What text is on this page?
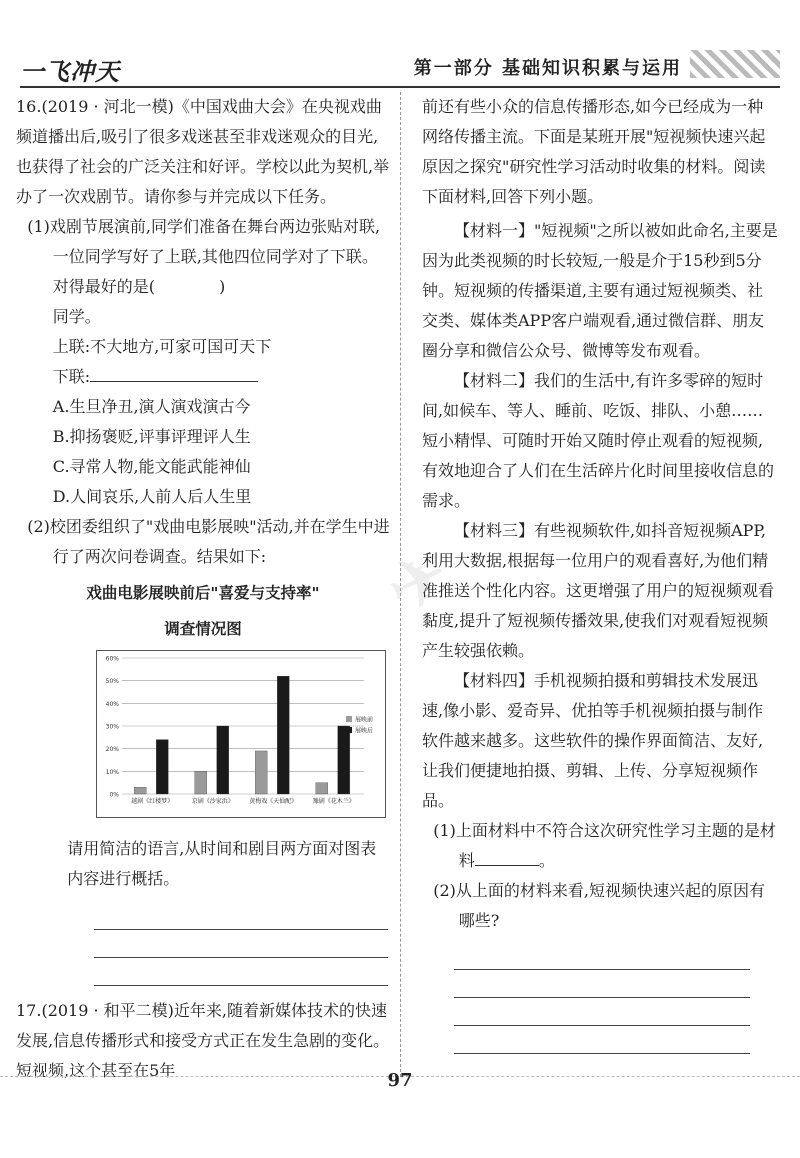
一飞冲天	第一部分 基础知识积累与运用
✈

16.(2019 · 河北一模)《中国戏曲大会》在央视戏曲频道播出后,吸引了很多戏迷甚至非戏迷观众的目光,也获得了社会的广泛关注和好评。学校以此为契机,举办了一次戏剧节。请你参与并完成以下任务。

(1)戏剧节展演前,同学们准备在舞台两边张贴对联,一位同学写好了上联,其他四位同学对了下联。对得最好的是(	)

同学。

上联:不大地方,可家可国可天下

下联:

A.生旦净丑,演人演戏演古今

B.抑扬褒贬,评事评理评人生

C.寻常人物,能文能武能神仙

D.人间哀乐,人前人后人生里

(2)校团委组织了"戏曲电影展映"活动,并在学生中进行了两次问卷调查。结果如下:

戏曲电影展映前后"喜爱与支持率"
调查情况图
0%
10%
20%
30%
40%
50%
60%
越剧《红楼梦》	京剧《沙家浜》	黄梅戏《天仙配》	豫剧《花木兰》
展映前
展映后

请用简洁的语言,从时间和剧目两方面对图表内容进行概括。

17.(2019 · 和平二模)近年来,随着新媒体技术的快速发展,信息传播形式和接受方式正在发生急剧的变化。短视频,这个甚至在5年

前还有些小众的信息传播形态,如今已经成为一种网络传播主流。下面是某班开展"短视频快速兴起原因之探究"研究性学习活动时收集的材料。阅读下面材料,回答下列小题。

【材料一】"短视频"之所以被如此命名,主要是因为此类视频的时长较短,一般是介于15秒到5分钟。短视频的传播渠道,主要有通过短视频类、社交类、媒体类APP客户端观看,通过微信群、朋友圈分享和微信公众号、微博等发布观看。

【材料二】我们的生活中,有许多零碎的短时间,如候车、等人、睡前、吃饭、排队、小憩……短小精悍、可随时开始又随时停止观看的短视频,有效地迎合了人们在生活碎片化时间里接收信息的需求。

【材料三】有些视频软件,如抖音短视频APP,利用大数据,根据每一位用户的观看喜好,为他们精准推送个性化内容。这更增强了用户的短视频观看黏度,提升了短视频传播效果,使我们对观看短视频产生较强依赖。

【材料四】手机视频拍摄和剪辑技术发展迅速,像小影、爱奇异、优拍等手机视频拍摄与制作软件越来越多。这些软件的操作界面简洁、友好,让我们便捷地拍摄、剪辑、上传、分享短视频作品。

(1)上面材料中不符合这次研究性学习主题的是材料	。

(2)从上面的材料来看,短视频快速兴起的原因有哪些?

97
